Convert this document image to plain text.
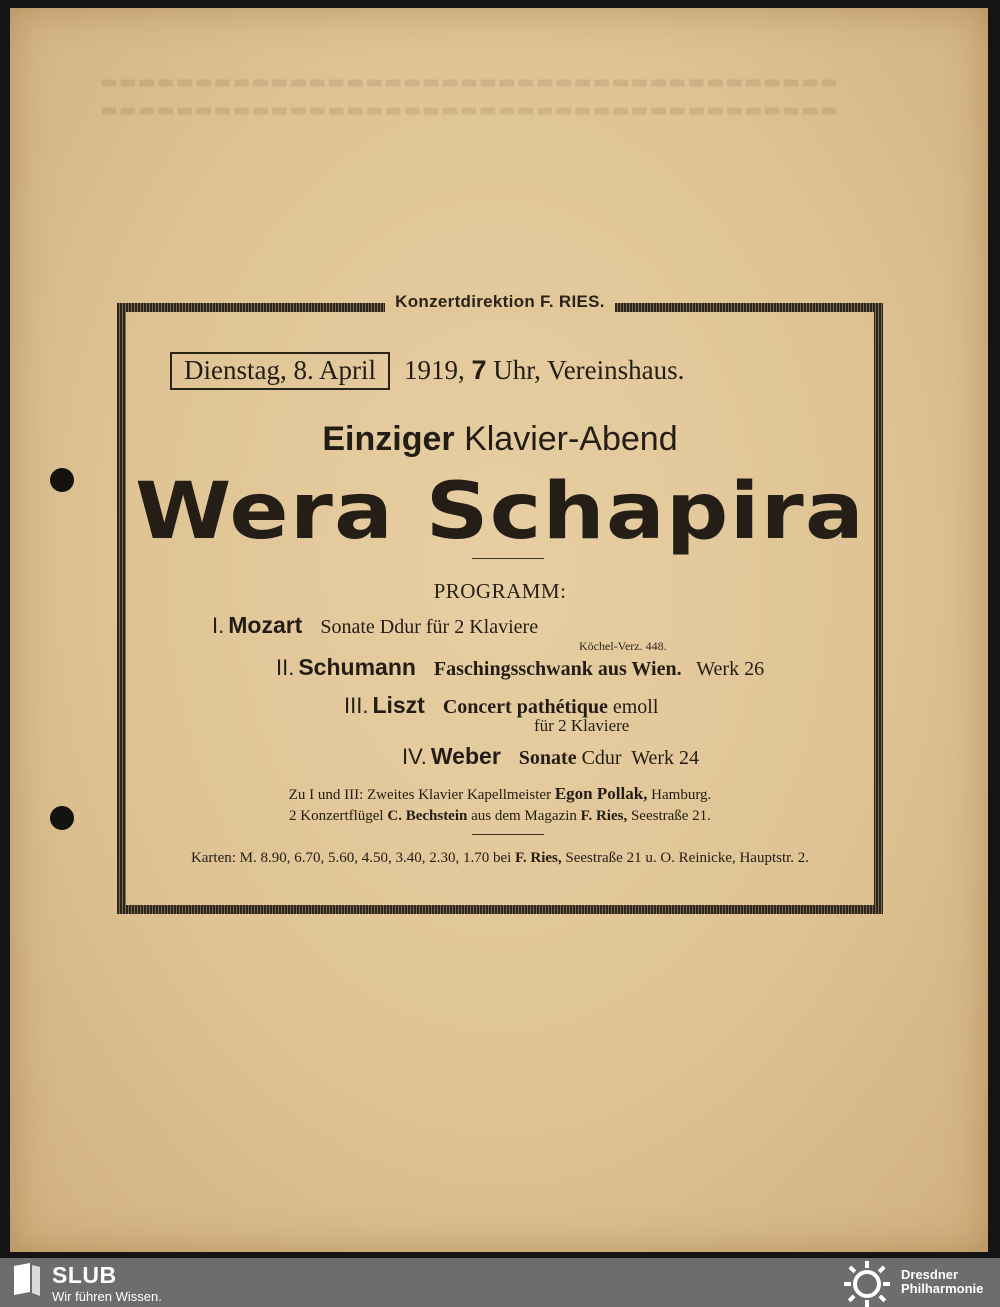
▬▬▬▬▬▬▬▬▬▬▬▬▬▬▬▬▬▬▬▬▬▬▬▬▬▬▬▬▬▬▬▬▬▬▬▬▬▬▬
▬▬▬▬▬▬▬▬▬▬▬▬▬▬▬▬▬▬▬▬▬▬▬▬▬▬▬▬▬▬▬▬▬▬▬▬▬▬▬
Konzertdirektion F. RIES.
Dienstag, 8. April 1919, 7 Uhr, Vereinshaus.
Einziger Klavier-Abend
Wera Schapira
PROGRAMM:
I. Mozart Sonate Ddur für 2 Klaviere
Köchel-Verz. 448.
II. Schumann Faschingsschwank aus Wien. Werk 26
III. Liszt Concert pathétique emoll
für 2 Klaviere
IV. Weber Sonate Cdur Werk 24
Zu I und III: Zweites Klavier Kapellmeister Egon Pollak, Hamburg.
2 Konzertflügel C. Bechstein aus dem Magazin F. Ries, Seestraße 21.
Karten: M. 8.90, 6.70, 5.60, 4.50, 3.40, 2.30, 1.70 bei F. Ries, Seestraße 21 u. O. Reinicke, Hauptstr. 2.
SLUB
Wir führen Wissen.
Dresdner
Philharmonie
